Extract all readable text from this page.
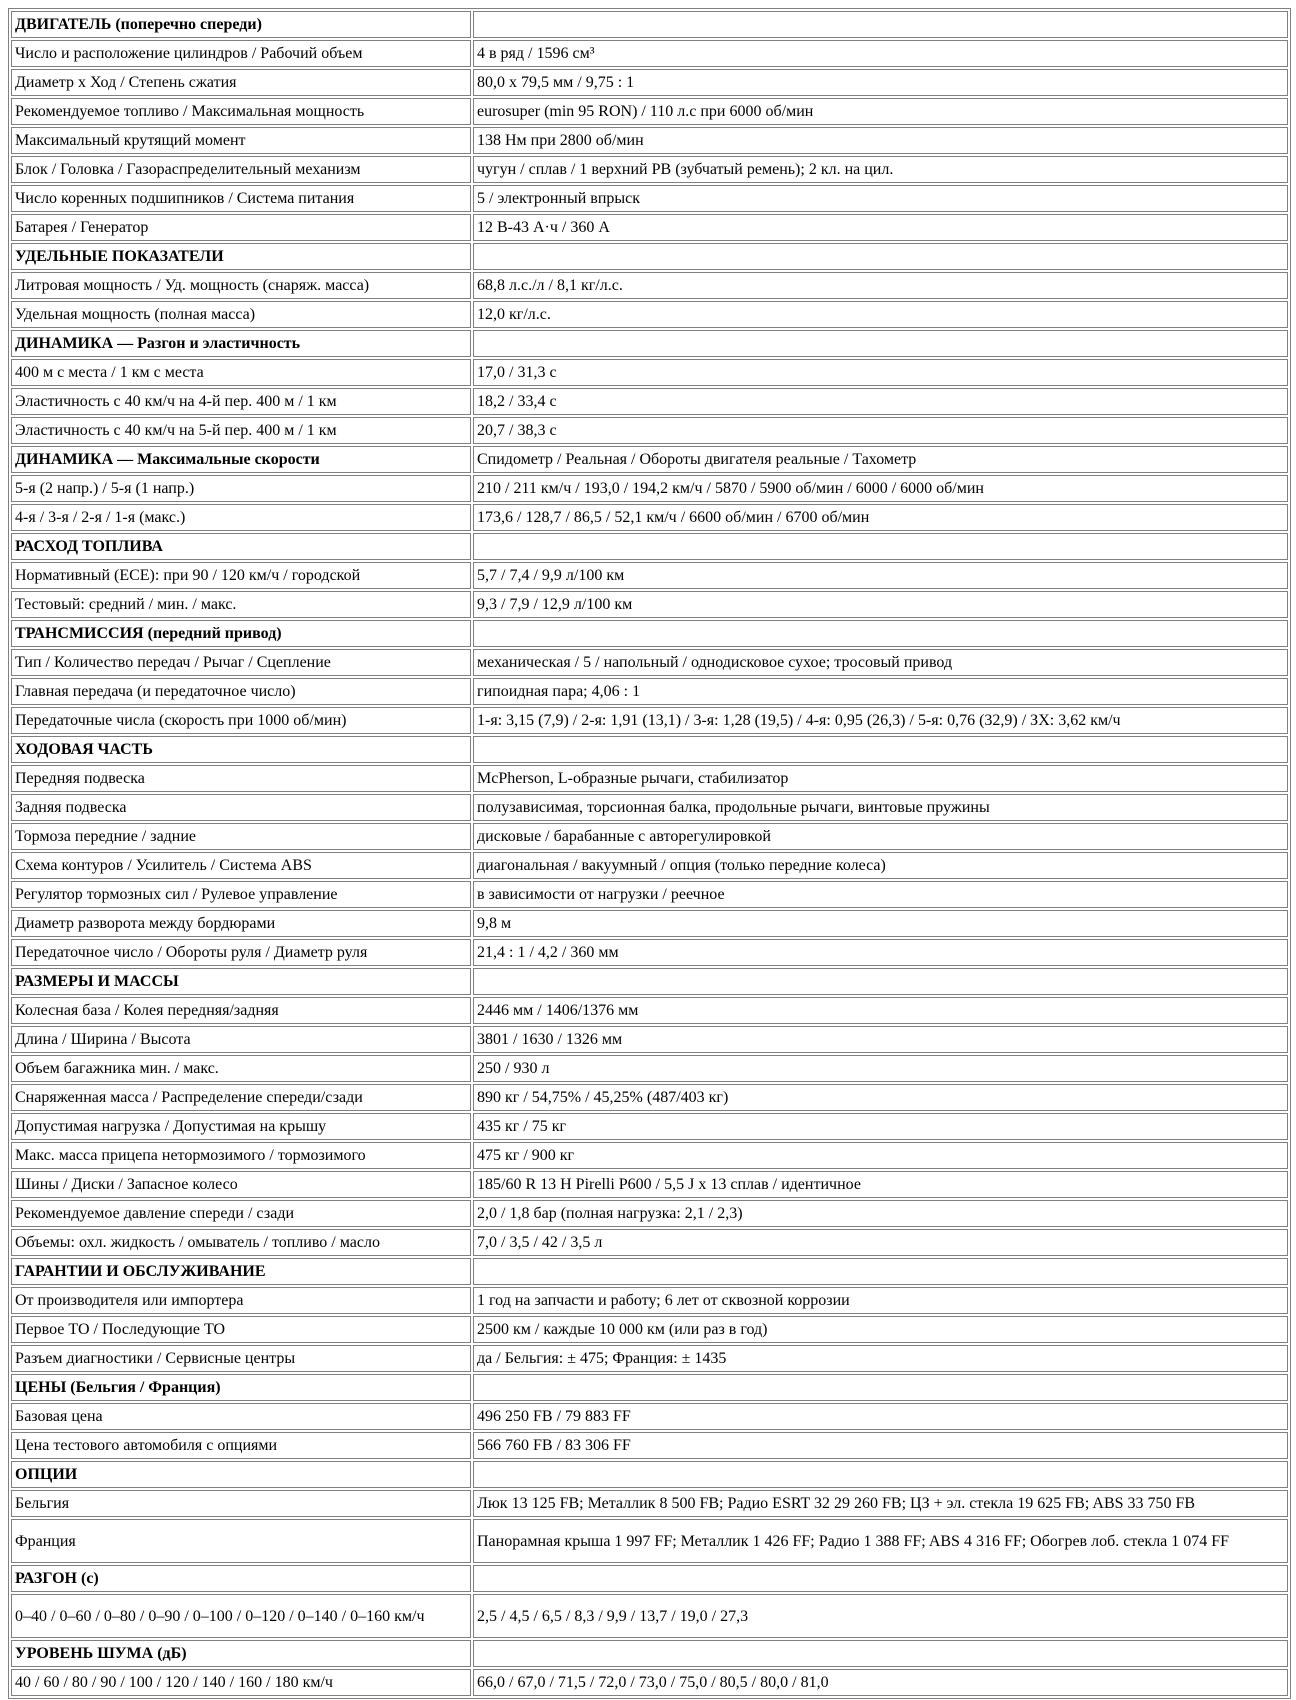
ДВИГАТЕЛЬ (поперечно спереди)	
Число и расположение цилиндров / Рабочий объем	4 в ряд / 1596 см³
Диаметр х Ход / Степень сжатия	80,0 х 79,5 мм / 9,75 : 1
Рекомендуемое топливо / Максимальная мощность	eurosuper (min 95 RON) / 110 л.с при 6000 об/мин
Максимальный крутящий момент	138 Нм при 2800 об/мин
Блок / Головка / Газораспределительный механизм	чугун / сплав / 1 верхний РВ (зубчатый ремень); 2 кл. на цил.
Число коренных подшипников / Система питания	5 / электронный впрыск
Батарея / Генератор	12 В-43 А·ч / 360 А
УДЕЛЬНЫЕ ПОКАЗАТЕЛИ	
Литровая мощность / Уд. мощность (снаряж. масса)	68,8 л.с./л / 8,1 кг/л.с.
Удельная мощность (полная масса)	12,0 кг/л.с.
ДИНАМИКА — Разгон и эластичность	
400 м с места / 1 км с места	17,0 / 31,3 с
Эластичность с 40 км/ч на 4-й пер. 400 м / 1 км	18,2 / 33,4 с
Эластичность с 40 км/ч на 5-й пер. 400 м / 1 км	20,7 / 38,3 с
ДИНАМИКА — Максимальные скорости	Спидометр / Реальная / Обороты двигателя реальные / Тахометр
5-я (2 напр.) / 5-я (1 напр.)	210 / 211 км/ч / 193,0 / 194,2 км/ч / 5870 / 5900 об/мин / 6000 / 6000 об/мин
4-я / 3-я / 2-я / 1-я (макс.)	173,6 / 128,7 / 86,5 / 52,1 км/ч / 6600 об/мин / 6700 об/мин
РАСХОД ТОПЛИВА	
Нормативный (ECE): при 90 / 120 км/ч / городской	5,7 / 7,4 / 9,9 л/100 км
Тестовый: средний / мин. / макс.	9,3 / 7,9 / 12,9 л/100 км
ТРАНСМИССИЯ (передний привод)	
Тип / Количество передач / Рычаг / Сцепление	механическая / 5 / напольный / однодисковое сухое; тросовый привод
Главная передача (и передаточное число)	гипоидная пара; 4,06 : 1
Передаточные числа (скорость при 1000 об/мин)	1-я: 3,15 (7,9) / 2-я: 1,91 (13,1) / 3-я: 1,28 (19,5) / 4-я: 0,95 (26,3) / 5-я: 0,76 (32,9) / ЗХ: 3,62 км/ч
ХОДОВАЯ ЧАСТЬ	
Передняя подвеска	McPherson, L-образные рычаги, стабилизатор
Задняя подвеска	полузависимая, торсионная балка, продольные рычаги, винтовые пружины
Тормоза передние / задние	дисковые / барабанные с авторегулировкой
Схема контуров / Усилитель / Система ABS	диагональная / вакуумный / опция (только передние колеса)
Регулятор тормозных сил / Рулевое управление	в зависимости от нагрузки / реечное
Диаметр разворота между бордюрами	9,8 м
Передаточное число / Обороты руля / Диаметр руля	21,4 : 1 / 4,2 / 360 мм
РАЗМЕРЫ И МАССЫ	
Колесная база / Колея передняя/задняя	2446 мм / 1406/1376 мм
Длина / Ширина / Высота	3801 / 1630 / 1326 мм
Объем багажника мин. / макс.	250 / 930 л
Снаряженная масса / Распределение спереди/сзади	890 кг / 54,75% / 45,25% (487/403 кг)
Допустимая нагрузка / Допустимая на крышу	435 кг / 75 кг
Макс. масса прицепа нетормозимого / тормозимого	475 кг / 900 кг
Шины / Диски / Запасное колесо	185/60 R 13 H Pirelli P600 / 5,5 J x 13 сплав / идентичное
Рекомендуемое давление спереди / сзади	2,0 / 1,8 бар (полная нагрузка: 2,1 / 2,3)
Объемы: охл. жидкость / омыватель / топливо / масло	7,0 / 3,5 / 42 / 3,5 л
ГАРАНТИИ И ОБСЛУЖИВАНИЕ	
От производителя или импортера	1 год на запчасти и работу; 6 лет от сквозной коррозии
Первое ТО / Последующие ТО	2500 км / каждые 10 000 км (или раз в год)
Разъем диагностики / Сервисные центры	да / Бельгия: ± 475; Франция: ± 1435
ЦЕНЫ (Бельгия / Франция)	
Базовая цена	496 250 FB / 79 883 FF
Цена тестового автомобиля с опциями	566 760 FB / 83 306 FF
ОПЦИИ	
Бельгия	Люк 13 125 FB; Металлик 8 500 FB; Радио ESRT 32 29 260 FB; ЦЗ + эл. стекла 19 625 FB; ABS 33 750 FB
Франция	Панорамная крыша 1 997 FF; Металлик 1 426 FF; Радио 1 388 FF; ABS 4 316 FF; Обогрев лоб. стекла 1 074 FF
РАЗГОН (с)	
0–40 / 0–60 / 0–80 / 0–90 / 0–100 / 0–120 / 0–140 / 0–160 км/ч	2,5 / 4,5 / 6,5 / 8,3 / 9,9 / 13,7 / 19,0 / 27,3
УРОВЕНЬ ШУМА (дБ)	
40 / 60 / 80 / 90 / 100 / 120 / 140 / 160 / 180 км/ч	66,0 / 67,0 / 71,5 / 72,0 / 73,0 / 75,0 / 80,5 / 80,0 / 81,0
